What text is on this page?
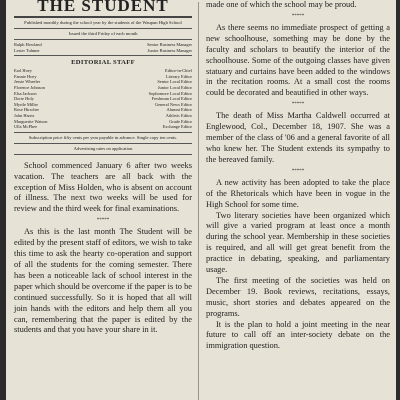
THE STUDENT
Published monthly during the school year by the students of the Waupun High School
Issued the third Friday of each month
Ralph Howland	Senior Business Manager
Lester Tuhmer	Junior Business Manager
EDITORIAL STAFF
Earl Hoey	Editor-in-Chief
Fannie Hoey	Literary Editor
Jessie Wheeler	Senior Local Editor
Florence Johnson	Junior Local Editor
Elsa Jackson	Sophomore Local Editor
Dorie Holy	Freshman Local Editor
Myrtle Miller	General News Editor
Rose Hirscher	Alumni Editor
John Harris	Athletic Editor
Marguerite Watson	Grade Editor
Ulla McPhee	Exchange Editor
Subscription price fifty cents per year payable in advance. Single copy ten cents.
Advertising rates on application

School commenced January 6 after two weeks vacation. The teachers are all back with the exception of Miss Holden, who is absent on account of illness. The next two weeks will be used for review and the third week for final examinations.

*****

As this is the last month The Student will be edited by the present staff of editors, we wish to take this time to ask the hearty co-operation and support of all the students for the coming semester. There has been a noticeable lack of school interest in the paper which should be overcome if the paper is to be continued successfully. So it is hoped that all will join hands with the editors and help them all you can, remembering that the paper is edited by the students and that you have your share in it.

made one of which the school may be proud.

*****

As there seems no immediate prospect of getting a new schoolhouse, something may be done by the faculty and scholars to beautify the interior of the schoolhouse. Some of the outgoing classes have given statuary and curtains have been added to the windows in the recitation rooms. At a small cost the rooms could be decorated and beautified in other ways.

*****

The death of Miss Martha Caldwell occurred at Englewood, Col., December 18, 1907. She was a member of the class of '06 and a general favorite of all who knew her. The Student extends its sympathy to the bereaved family.

*****

A new activity has been adopted to take the place of the Rhetoricals which have been in vogue in the High School for some time.

Two literary societies have been organized which will give a varied program at least once a month during the school year. Membership in these societies is required, and all will get great benefit from the practice in debating, speaking, and parliamentary usage.

The first meeting of the societies was held on December 19. Book reviews, recitations, essays, music, short stories and debates appeared on the programs.

It is the plan to hold a joint meeting in the near future to call off an inter-society debate on the immigration question.
